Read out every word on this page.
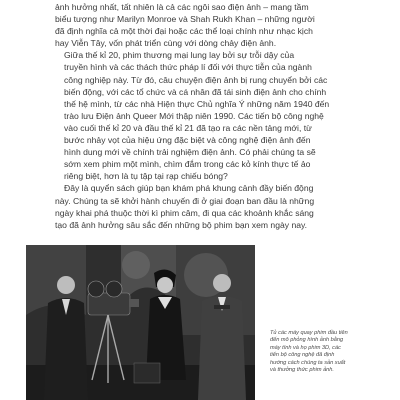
ảnh hưởng nhất, tất nhiên là cả các ngôi sao điện ảnh – mang tầm
biểu tượng như Marilyn Monroe và Shah Rukh Khan – những người
đã định nghĩa cả một thời đại hoặc các thể loại chính như nhạc kịch
hay Viễn Tây, vốn phát triển cùng với dòng chảy điện ảnh.

Giữa thế kỉ 20, phim thương mại lung lay bởi sự trỗi dậy của
truyền hình và các thách thức pháp lí đối với thực tiễn của ngành
công nghiệp này. Từ đó, câu chuyện điện ảnh bị rung chuyển bởi các
biến động, với các tổ chức và cá nhân đã tái sinh điện ảnh cho chính
thế hệ mình, từ các nhà Hiện thực Chủ nghĩa Ý những năm 1940 đến
trào lưu Điện ảnh Queer Mới thập niên 1990. Các tiến bộ công nghệ
vào cuối thế kỉ 20 và đầu thế kỉ 21 đã tạo ra các nền tảng mới, từ
bước nhảy vọt của hiệu ứng đặc biệt và công nghệ điện ảnh đến
hình dung mới về chính trải nghiệm điện ảnh. Có phải chúng ta sẽ
sớm xem phim một mình, chìm đắm trong các kỏ kính thực tế ảo
riêng biệt, hơn là tụ tập tại rạp chiếu bóng?

Đây là quyển sách giúp bạn khám phá khung cảnh đầy biến động
này. Chúng ta sẽ khởi hành chuyến đi ở giai đoạn ban đầu là những
ngày khai phá thuộc thời kì phim câm, đi qua các khoảnh khắc sáng
tạo đã ảnh hưởng sâu sắc đến những bộ phim bạn xem ngày nay.

Tủ các máy quay phim đầu tiên đến mô phỏng hình ảnh bằng máy tính và họ phim 3D, các tiến bộ công nghệ đã định hướng cách chúng ta sản xuất và thưởng thức phim ảnh.
